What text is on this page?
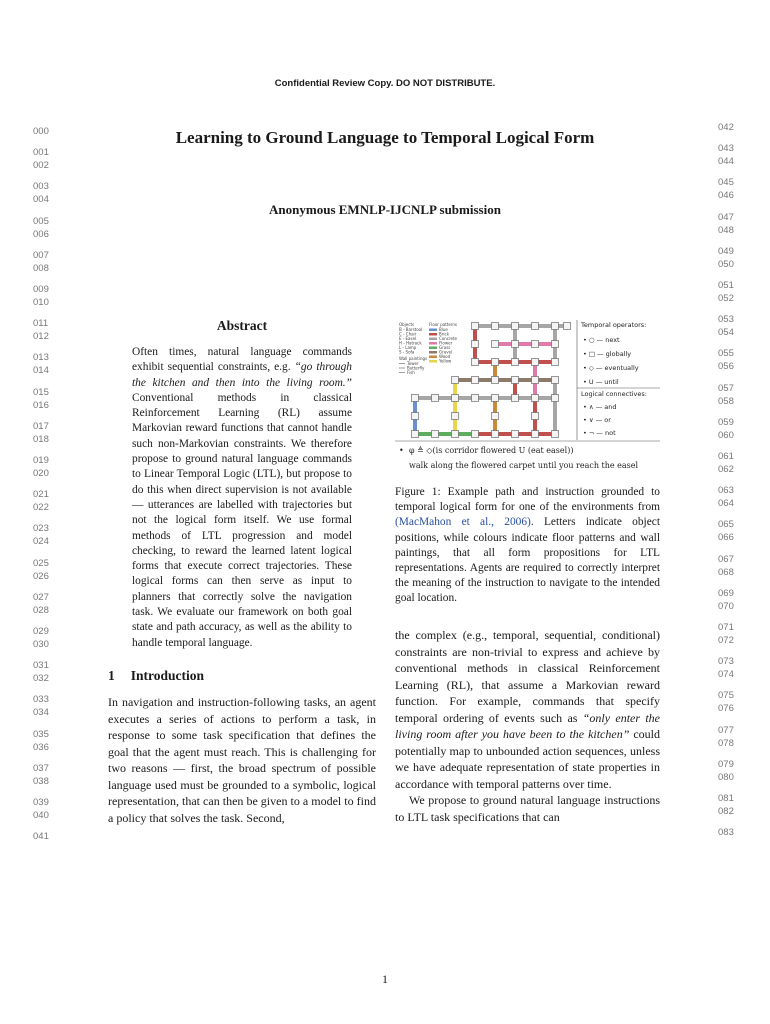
Confidential Review Copy. DO NOT DISTRIBUTE.
000
001
002
003
004
005
006
007
008
009
010
011
012
013
014
015
016
017
018
019
020
021
022
023
024
025
026
027
028
029
030
031
032
033
034
035
036
037
038
039
040
041
042
043
044
045
046
047
048
049
050
051
052
053
054
055
056
057
058
059
060
061
062
063
064
065
066
067
068
069
070
071
072
073
074
075
076
077
078
079
080
081
082
083
Learning to Ground Language to Temporal Logical Form
Anonymous EMNLP-IJCNLP submission
Abstract
Often times, natural language commands exhibit sequential constraints, e.g. “go through the kitchen and then into the living room.” Conventional methods in classical Reinforcement Learning (RL) assume Markovian reward functions that cannot handle such non-Markovian constraints. We therefore propose to ground natural language commands to Linear Temporal Logic (LTL), but propose to do this when direct supervision is not available — utterances are labelled with trajectories but not the logical form itself. We use formal methods of LTL progression and model checking, to reward the learned latent logical forms that execute correct trajectories. These logical forms can then serve as input to planners that correctly solve the navigation task. We evaluate our framework on both goal state and path accuracy, as well as the ability to handle temporal language.
1 Introduction
In navigation and instruction-following tasks, an agent executes a series of actions to perform a task, in response to some task specification that defines the goal that the agent must reach. This is challenging for two reasons — first, the broad spectrum of possible language used must be grounded to a symbolic, logical representation, that can then be given to a model to find a policy that solves the task. Second,
Objects
B - Barstool
C - Chair
E - Easel
H - Hatrack
L - Lamp
S - Sofa
Wall paintings
Tower
Butterfly
Fish
Floor patterns
Blue
Brick
Concrete
Flower
Grass
Gravel
Wood
Yellow
Temporal operators:
• ○ — next
• □ — globally
• ◇ — eventually
• U — until
Logical connectives:
• ∧ — and
• ∨ — or
• ¬ — not
• φ ≜ ◇(is corridor flowered U (eat easel))
walk along the flowered carpet until you reach the easel
Figure 1: Example path and instruction grounded to temporal logical form for one of the environments from (MacMahon et al., 2006). Letters indicate object positions, while colours indicate floor patterns and wall paintings, that all form propositions for LTL representations. Agents are required to correctly interpret the meaning of the instruction to navigate to the intended goal location.

the complex (e.g., temporal, sequential, conditional) constraints are non-trivial to express and achieve by conventional methods in classical Reinforcement Learning (RL), that assume a Markovian reward function. For example, commands that specify temporal ordering of events such as “only enter the living room after you have been to the kitchen” could potentially map to unbounded action sequences, unless we have adequate representation of state properties in accordance with temporal patterns over time.

We propose to ground natural language instructions to LTL task specifications that can

1
